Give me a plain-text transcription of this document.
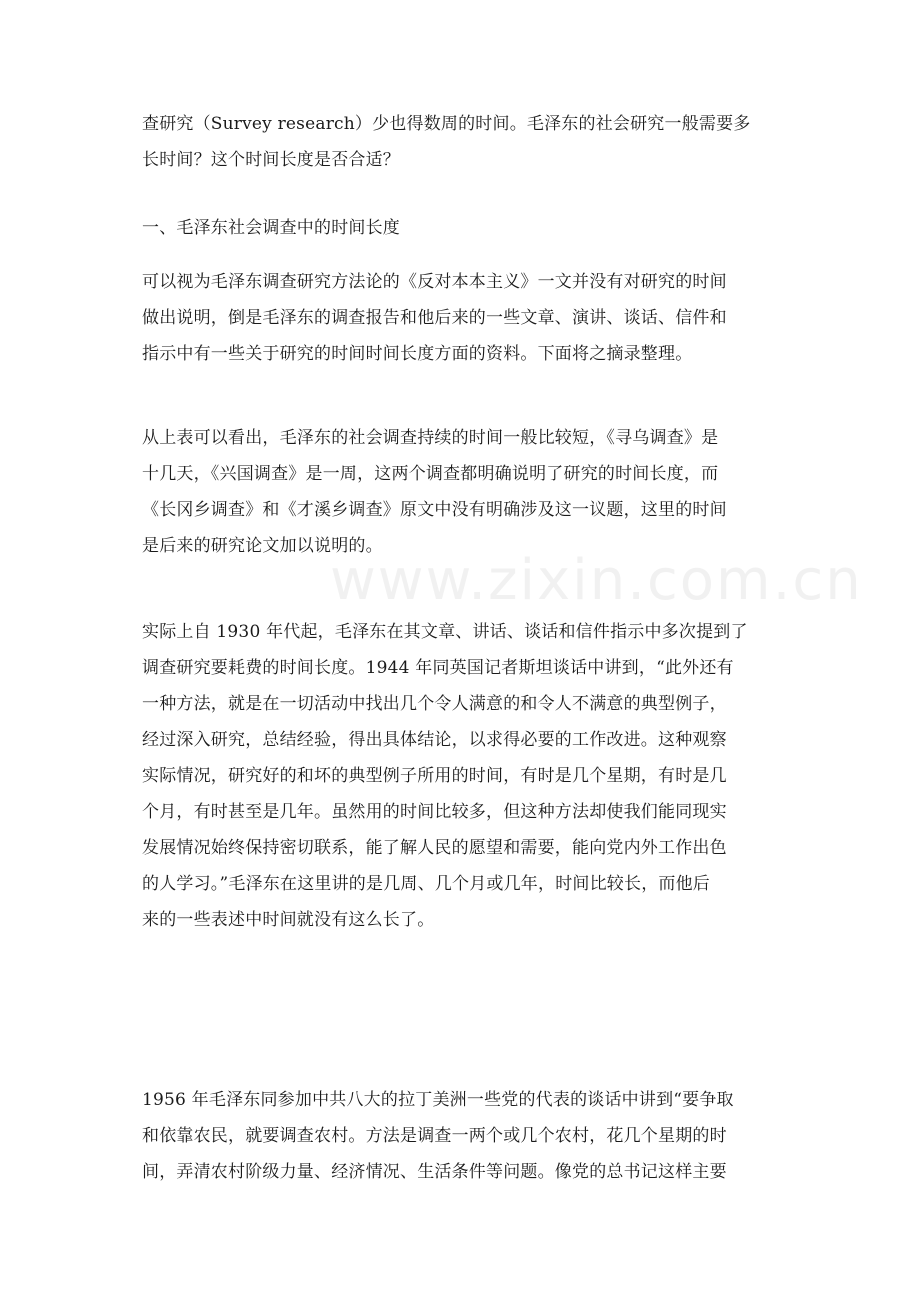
www.zixin.com.cn

查研究（Survey research）少也得数周的时间。毛泽东的社会研究一般需要多
长时间？这个时间长度是否合适？

一、毛泽东社会调查中的时间长度

可以视为毛泽东调查研究方法论的《反对本本主义》一文并没有对研究的时间
做出说明，倒是毛泽东的调查报告和他后来的一些文章、演讲、谈话、信件和
指示中有一些关于研究的时间时间长度方面的资料。下面将之摘录整理。

从上表可以看出，毛泽东的社会调查持续的时间一般比较短，《寻乌调查》是
十几天，《兴国调查》是一周，这两个调查都明确说明了研究的时间长度，而
《长冈乡调查》和《才溪乡调查》原文中没有明确涉及这一议题，这里的时间
是后来的研究论文加以说明的。

实际上自 1930 年代起，毛泽东在其文章、讲话、谈话和信件指示中多次提到了
调查研究要耗费的时间长度。1944 年同英国记者斯坦谈话中讲到，“此外还有
一种方法，就是在一切活动中找出几个令人满意的和令人不满意的典型例子，
经过深入研究，总结经验，得出具体结论，以求得必要的工作改进。这种观察
实际情况，研究好的和坏的典型例子所用的时间，有时是几个星期，有时是几
个月，有时甚至是几年。虽然用的时间比较多，但这种方法却使我们能同现实
发展情况始终保持密切联系，能了解人民的愿望和需要，能向党内外工作出色
的人学习。”毛泽东在这里讲的是几周、几个月或几年，时间比较长，而他后
来的一些表述中时间就没有这么长了。

1956 年毛泽东同参加中共八大的拉丁美洲一些党的代表的谈话中讲到“要争取
和依靠农民，就要调查农村。方法是调查一两个或几个农村，花几个星期的时
间，弄清农村阶级力量、经济情况、生活条件等问题。像党的总书记这样主要
